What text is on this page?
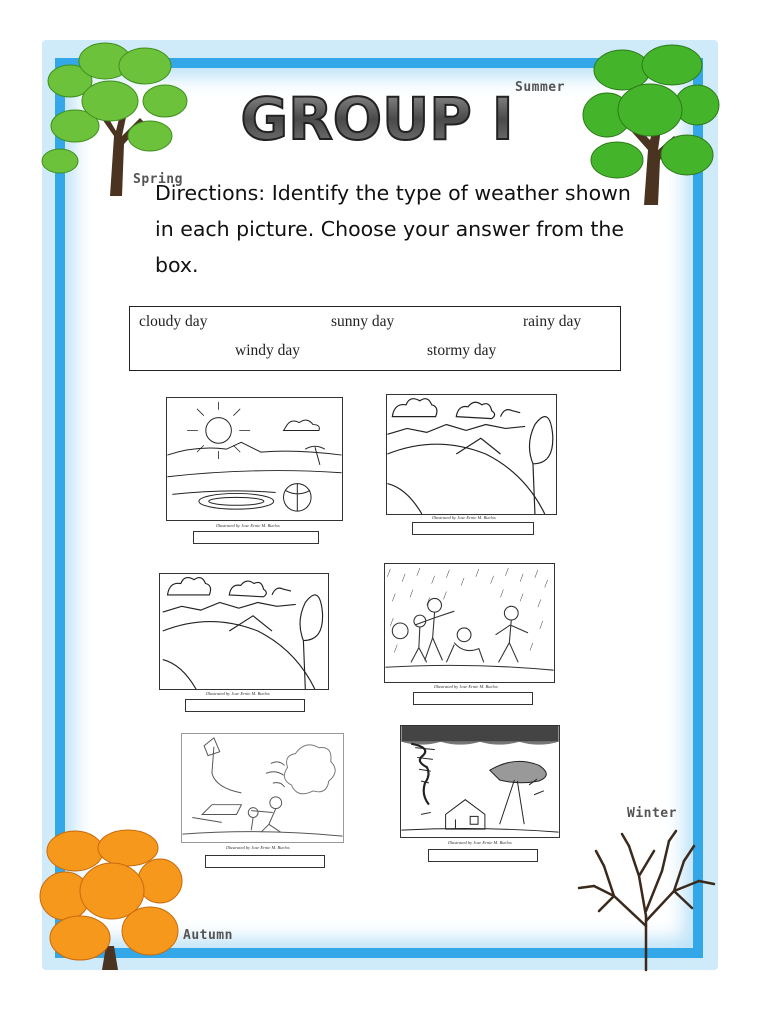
GROUP I
Spring
Summer
Autumn
Winter

Directions: Identify the type of weather shown in each picture. Choose your answer from the box.

cloudy day	sunny day	rainy day
windy day	stormy day
Illustrated by Jose Ernie M. Buelos
Illustrated by Jose Ernie M. Buelos
Illustrated by Jose Ernie M. Buelos
Illustrated by Jose Ernie M. Buelos
Illustrated by Jose Ernie M. Buelos
Illustrated by Jose Ernie M. Buelos
